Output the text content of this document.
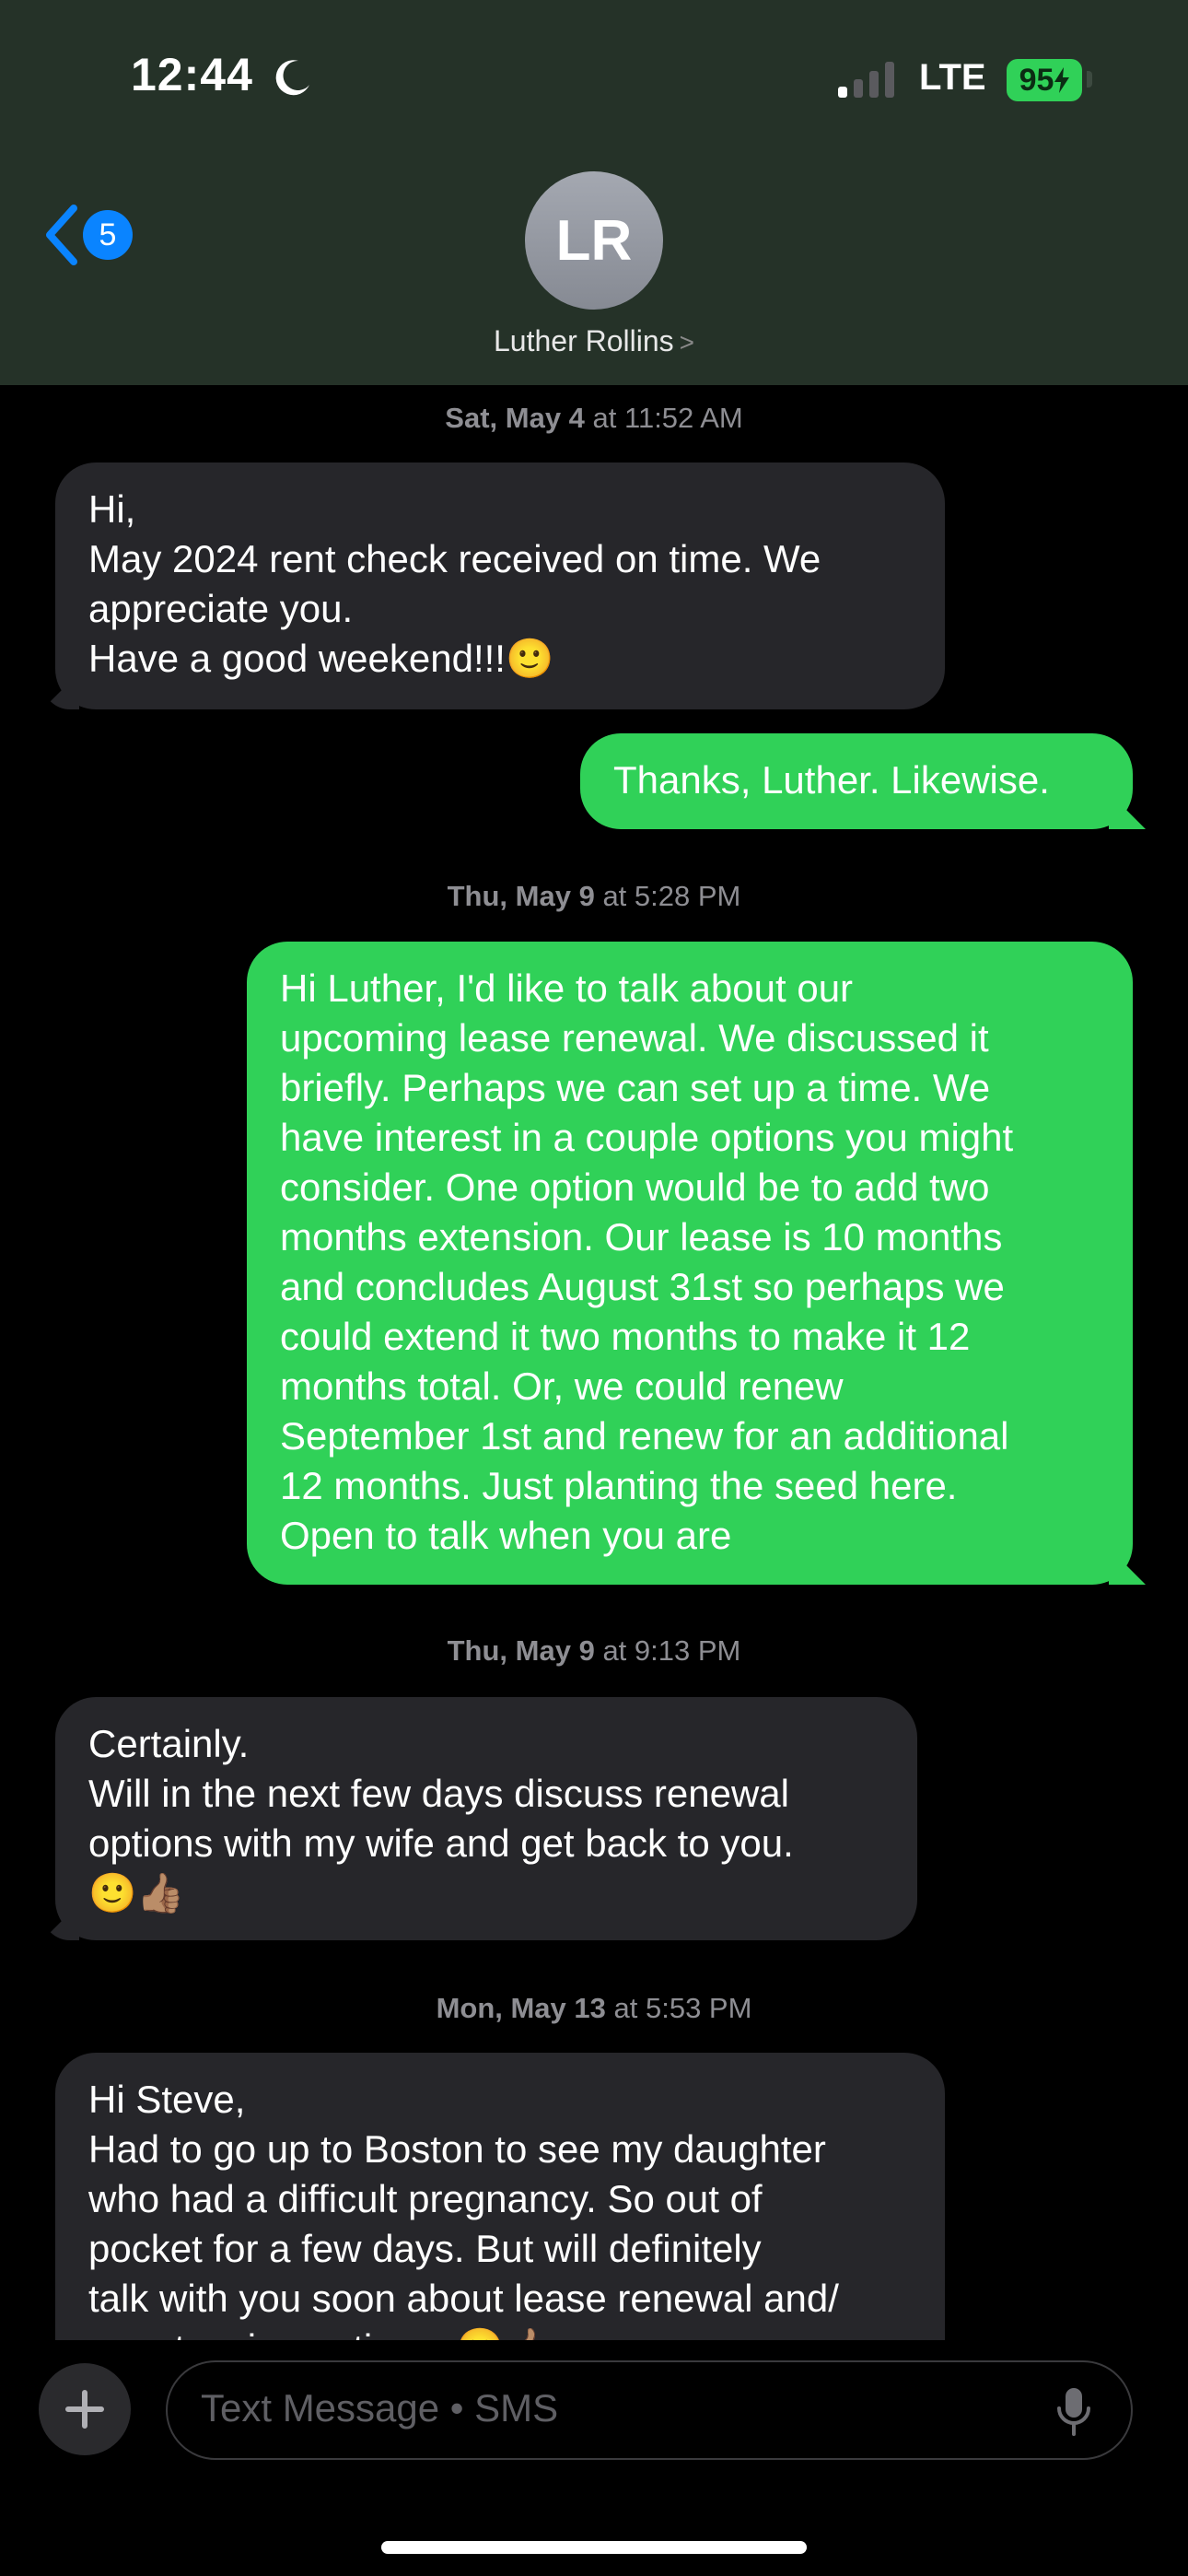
12:44	LTE 95
5	LR
Luther Rollins >
Sat, May 4 at 11:52 AM
Hi,
May 2024 rent check received on time. We
appreciate you.
Have a good weekend!!!🙂
Thanks, Luther. Likewise.
Thu, May 9 at 5:28 PM
Hi Luther, I'd like to talk about our
upcoming lease renewal. We discussed it
briefly. Perhaps we can set up a time. We
have interest in a couple options you might
consider. One option would be to add two
months extension. Our lease is 10 months
and concludes August 31st so perhaps we
could extend it two months to make it 12
months total. Or, we could renew
September 1st and renew for an additional
12 months. Just planting the seed here.
Open to talk when you are
Thu, May 9 at 9:13 PM
Certainly.
Will in the next few days discuss renewal
options with my wife and get back to you.
🙂👍🏽
Mon, May 13 at 5:53 PM
Hi Steve,
Had to go up to Boston to see my daughter
who had a difficult pregnancy. So out of
pocket for a few days. But will definitely
talk with you soon about lease renewal and/
Text Message • SMS
